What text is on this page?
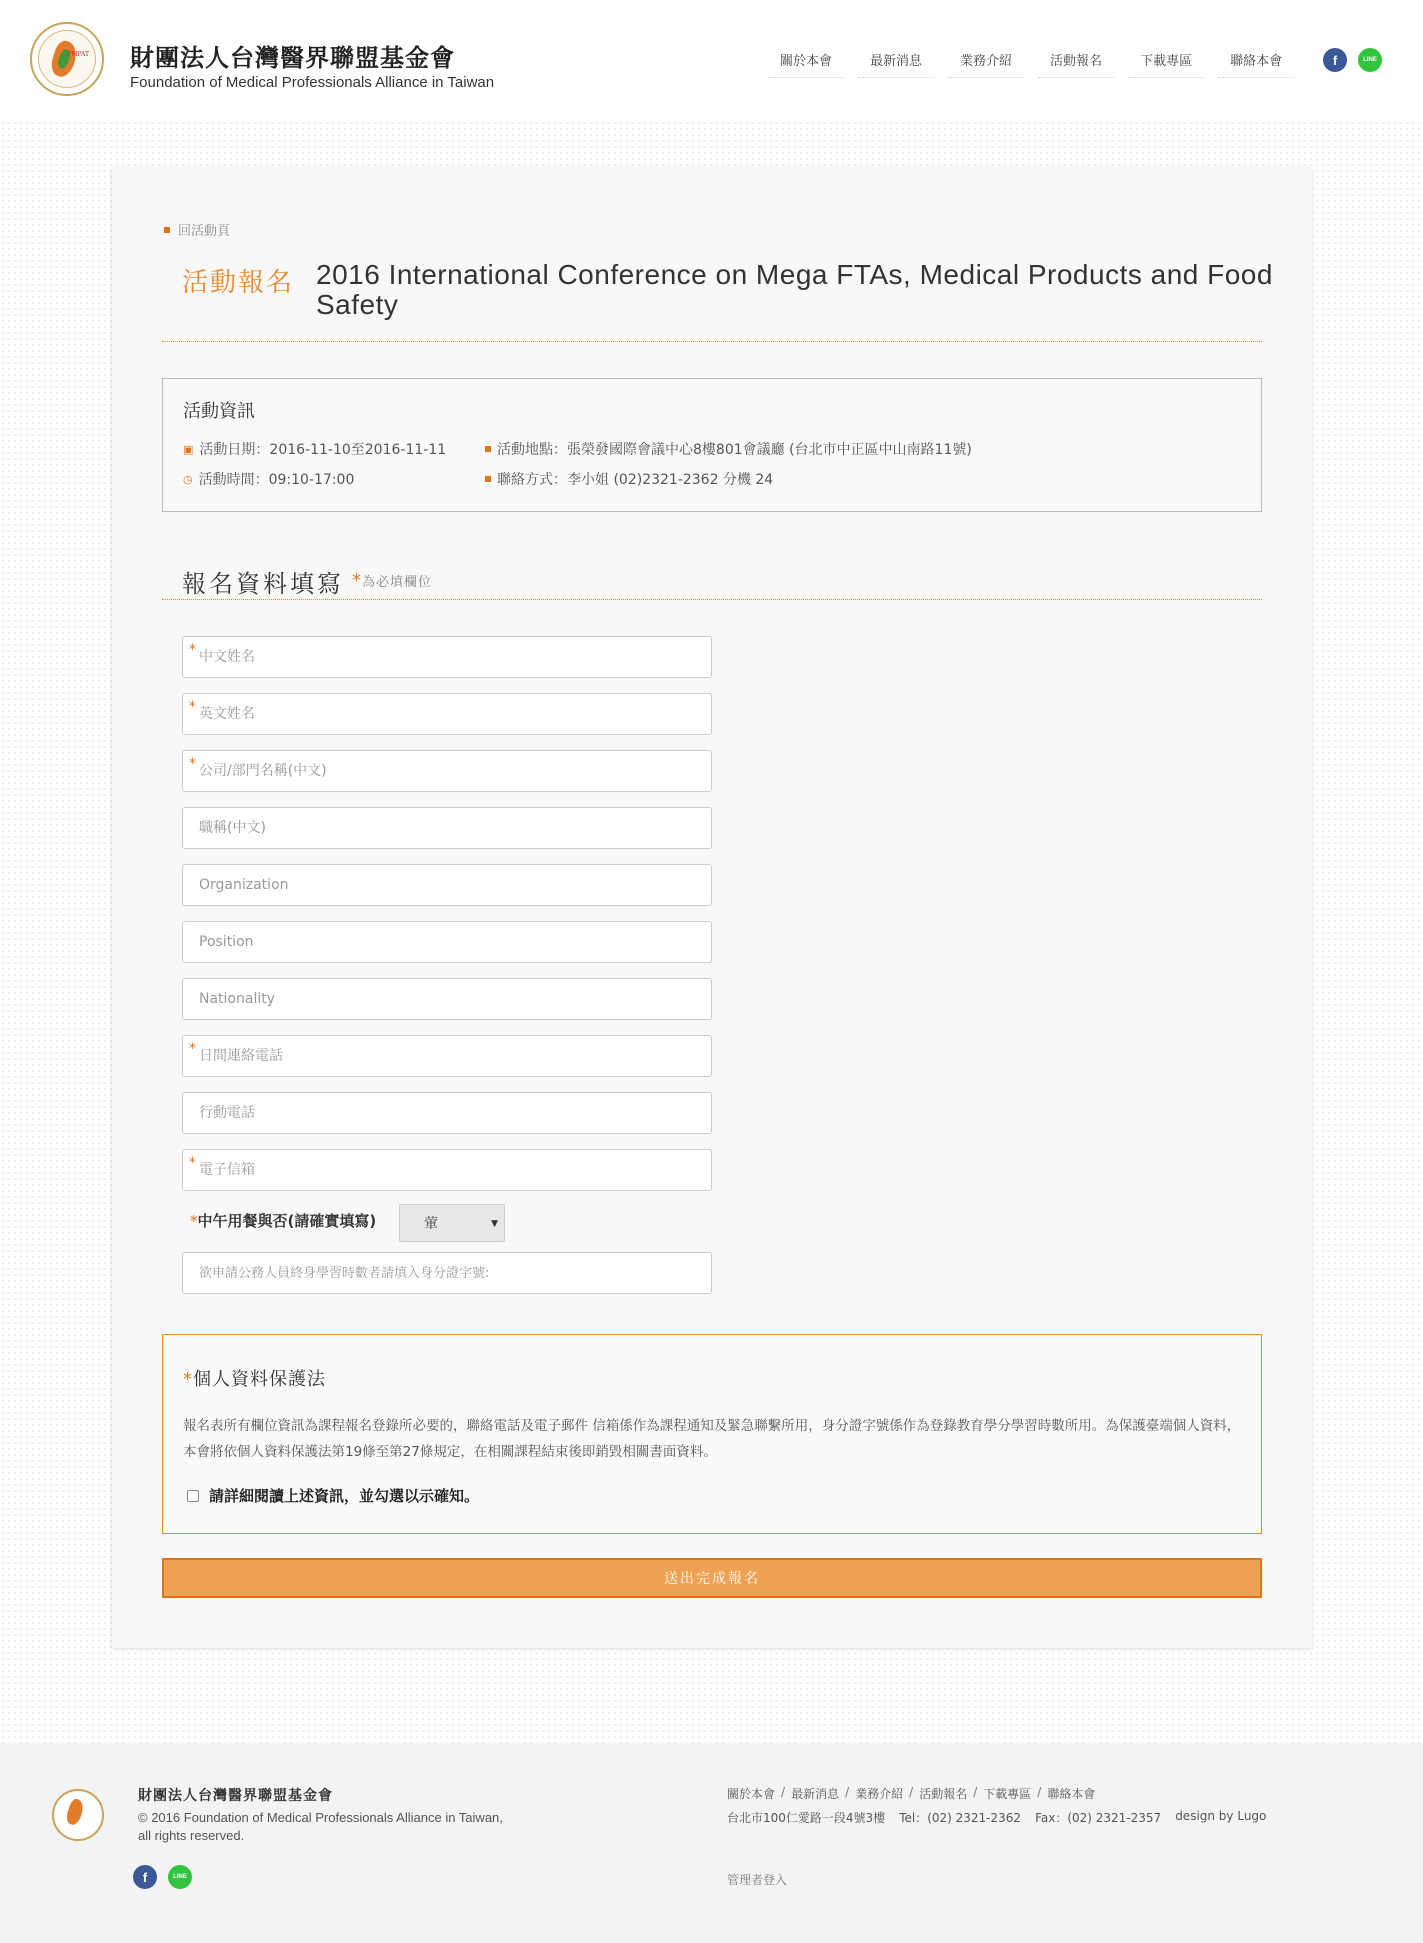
FMPAT 財團法人台灣醫界聯盟基金會
Foundation of Medical Professionals Alliance in Taiwan
關於本會	最新消息	業務介紹	活動報名	下載專區	聯絡本會	f	LINE
回活動頁
活動報名 2016 International Conference on Mega FTAs, Medical Products and Food Safety
活動資訊
▣ 活動日期：2016-11-10至2016-11-11
◷ 活動時間：09:10-17:00
活動地點：張榮發國際會議中心8樓801會議廳 (台北市中正區中山南路11號)
聯絡方式：李小姐 (02)2321-2362 分機 24
報名資料填寫 *為必填欄位
*
中文姓名
*
英文姓名
*
公司/部門名稱(中文)
職稱(中文)
Organization
Position
Nationality
*
日間連絡電話
行動電話
*
電子信箱
*中午用餐與否(請確實填寫)	葷	▼
欲申請公務人員終身學習時數者請填入身分證字號:
*個人資料保護法

報名表所有欄位資訊為課程報名登錄所必要的，聯絡電話及電子郵件 信箱係作為課程通知及緊急聯繫所用，身分證字號係作為登錄教育學分學習時數所用。為保護臺端個人資料， 本會將依個人資料保護法第19條至第27條規定，在相關課程結束後即銷毀相關書面資料。

請詳細閱讀上述資訊，並勾選以示確知。
送出完成報名
財團法人台灣醫界聯盟基金會
© 2016 Foundation of Medical Professionals Alliance in Taiwan, all rights reserved.
f	LINE
關於本會 / 最新消息 / 業務介紹 / 活動報名 / 下載專區 / 聯絡本會
台北市100仁愛路一段4號3樓 Tel：(02) 2321-2362 Fax：(02) 2321-2357 design by Lugo
管理者登入
